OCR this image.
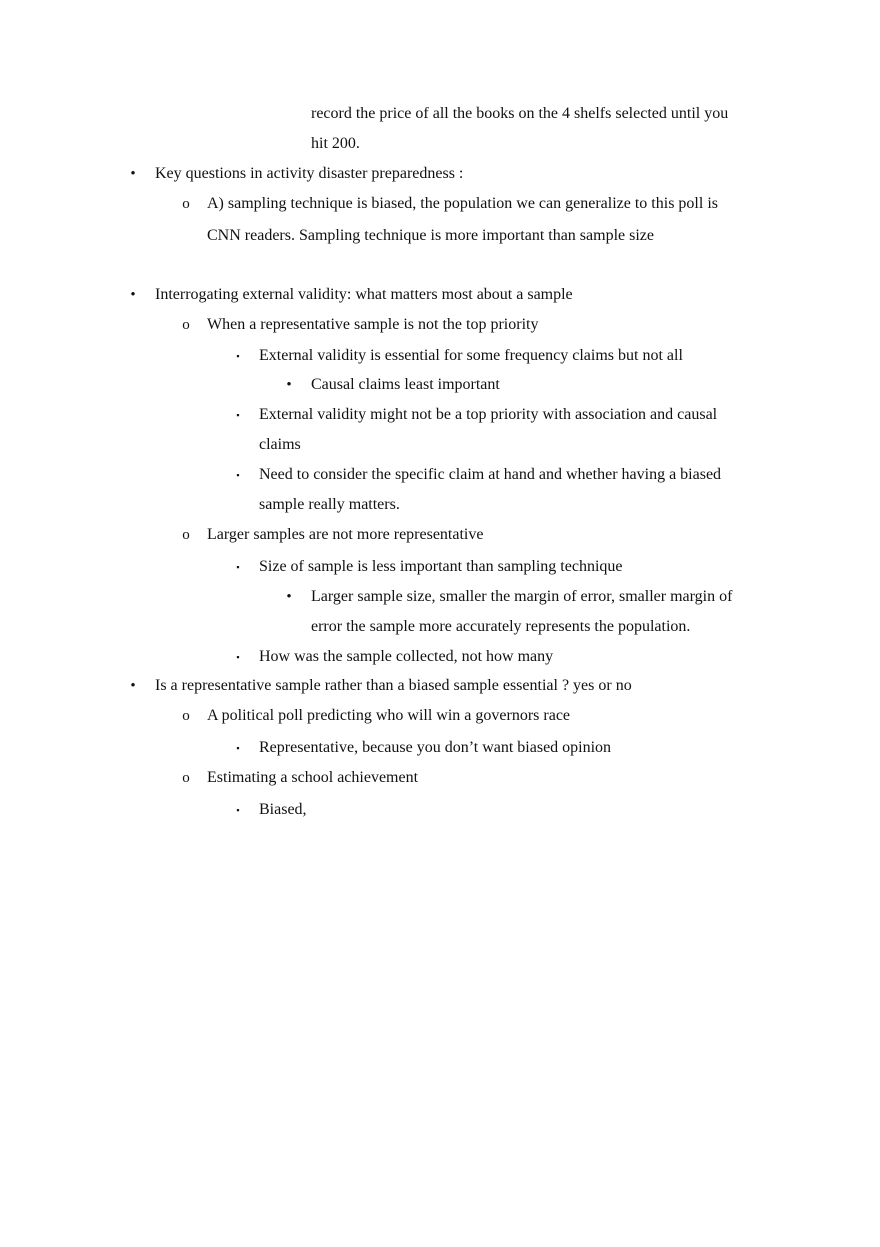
record the price of all the books on the 4 shelfs selected until you
hit 200.
• Key questions in activity disaster preparedness :
o A) sampling technique is biased, the population we can generalize to this poll is
CNN readers. Sampling technique is more important than sample size
• Interrogating external validity: what matters most about a sample
o When a representative sample is not the top priority
▪	External validity is essential for some frequency claims but not all
• Causal claims least important
▪	External validity might not be a top priority with association and causal
claims
▪	Need to consider the specific claim at hand and whether having a biased
sample really matters.
o Larger samples are not more representative
▪	Size of sample is less important than sampling technique
• Larger sample size, smaller the margin of error, smaller margin of
error the sample more accurately represents the population.
▪	How was the sample collected, not how many
• Is a representative sample rather than a biased sample essential ? yes or no
o A political poll predicting who will win a governors race
▪	Representative, because you don’t want biased opinion
o Estimating a school achievement
▪	Biased,
